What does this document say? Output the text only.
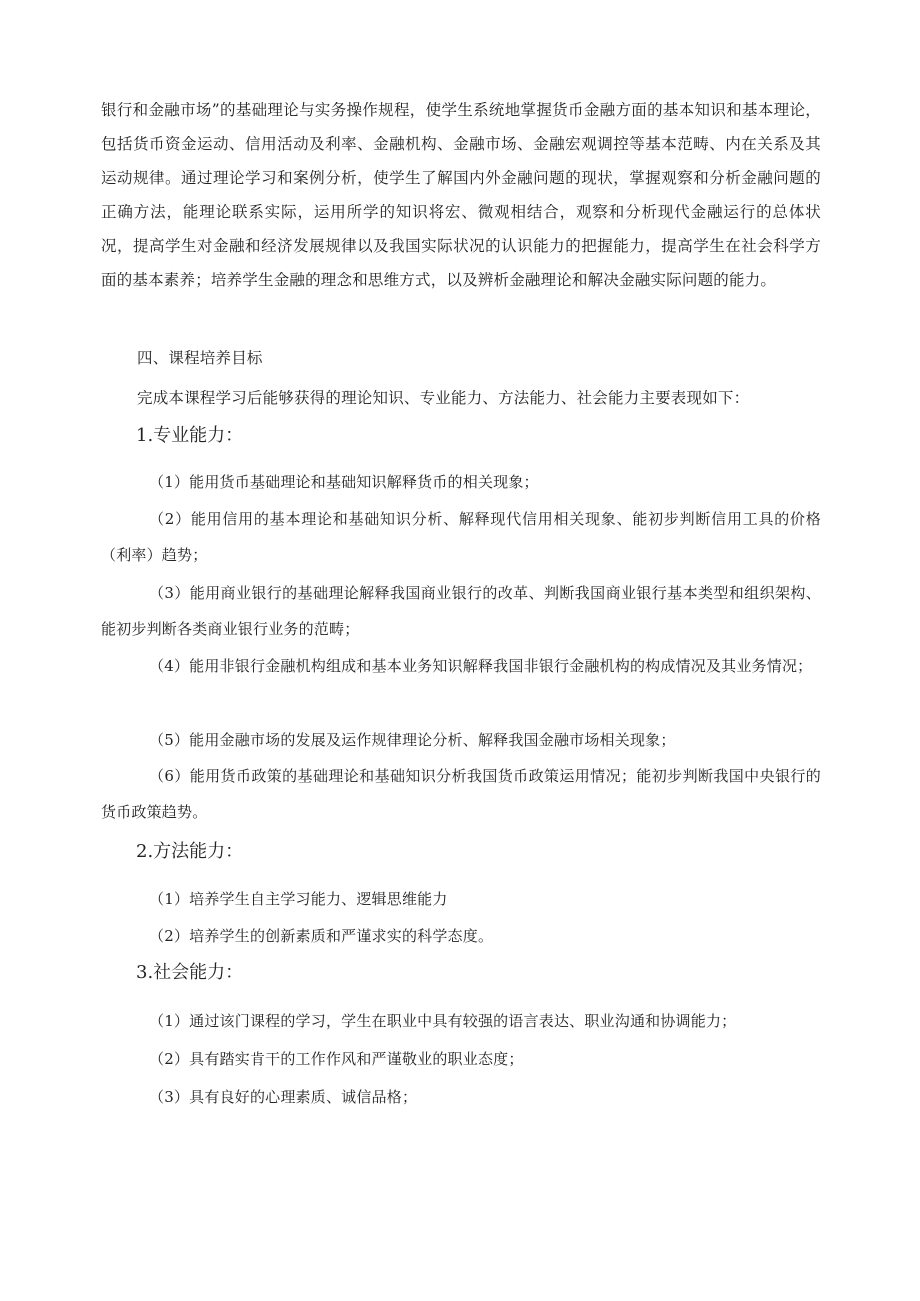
银行和金融市场”的基础理论与实务操作规程，使学生系统地掌握货币金融方面的基本知识和基本理论，包括货币资金运动、信用活动及利率、金融机构、金融市场、金融宏观调控等基本范畴、内在关系及其运动规律。通过理论学习和案例分析，使学生了解国内外金融问题的现状，掌握观察和分析金融问题的正确方法，能理论联系实际，运用所学的知识将宏、微观相结合，观察和分析现代金融运行的总体状况，提高学生对金融和经济发展规律以及我国实际状况的认识能力的把握能力，提高学生在社会科学方面的基本素养；培养学生金融的理念和思维方式，以及辨析金融理论和解决金融实际问题的能力。

四、课程培养目标

完成本课程学习后能够获得的理论知识、专业能力、方法能力、社会能力主要表现如下：

1.专业能力：

（1）能用货币基础理论和基础知识解释货币的相关现象；

（2）能用信用的基本理论和基础知识分析、解释现代信用相关现象、能初步判断信用工具的价格（利率）趋势；

（3）能用商业银行的基础理论解释我国商业银行的改革、判断我国商业银行基本类型和组织架构、能初步判断各类商业银行业务的范畴；

（4）能用非银行金融机构组成和基本业务知识解释我国非银行金融机构的构成情况及其业务情况；

（5）能用金融市场的发展及运作规律理论分析、解释我国金融市场相关现象；

（6）能用货币政策的基础理论和基础知识分析我国货币政策运用情况；能初步判断我国中央银行的货币政策趋势。

2.方法能力：

（1）培养学生自主学习能力、逻辑思维能力

（2）培养学生的创新素质和严谨求实的科学态度。

3.社会能力：

（1）通过该门课程的学习，学生在职业中具有较强的语言表达、职业沟通和协调能力；

（2）具有踏实肯干的工作作风和严谨敬业的职业态度；

（3）具有良好的心理素质、诚信品格；
